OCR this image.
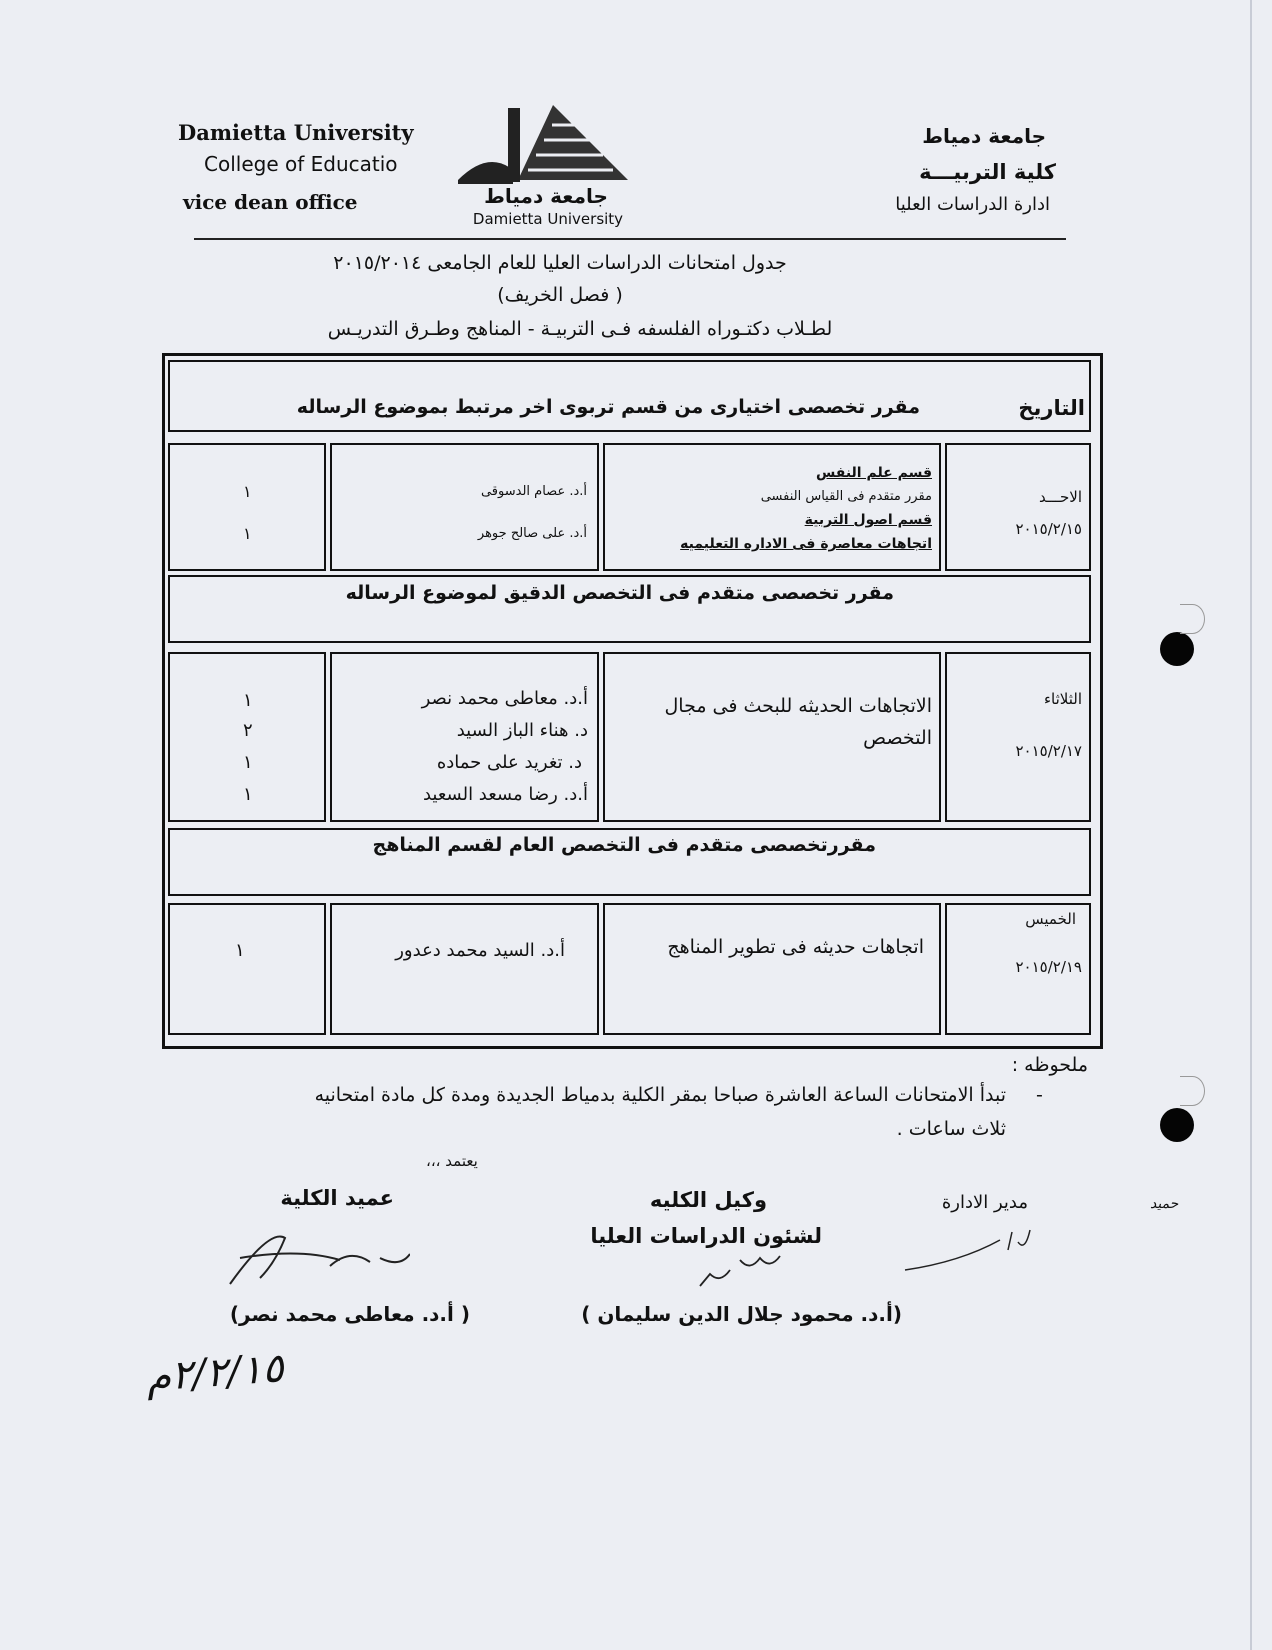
Damietta University
College of Educatio
vice dean office	جامعة دمياط
Damietta University
جامعة دمياط
كلية التربيـــة
ادارة الدراسات العليا
جدول امتحانات الدراسات العليا للعام الجامعى ٢٠١٥/٢٠١٤
( فصل الخريف)
لطـلاب دكتـوراه الفلسفه فـى التربيـة - المناهج وطـرق التدريـس
التاريخ
مقرر تخصصى اختيارى من قسم تربوى اخر مرتبط بموضوع الرساله
الاحـــد
٢٠١٥/٢/١٥
قسم علم النفس
مقرر متقدم فى القياس النفسى
قسم اصول التربية
اتجاهات معاصرة فى الاداره التعليميه
أ.د. عصام الدسوقى
أ.د. على صالح جوهر
١
١
مقرر تخصصى متقدم فى التخصص الدقيق لموضوع الرساله
الثلاثاء
٢٠١٥/٢/١٧
الاتجاهات الحديثه للبحث فى مجال التخصص
أ.د. معاطى محمد نصر
د. هناء الباز السيد
د. تغريد على حماده
أ.د. رضا مسعد السعيد
١
٢
١
١
مقررتخصصى متقدم فى التخصص العام لقسم المناهج
الخميس
٢٠١٥/٢/١٩
اتجاهات حديثه فى تطوير المناهج
أ.د. السيد محمد دعدور
١
ملحوظه :
-
تبدأ الامتحانات الساعة العاشرة صباحا بمقر الكلية بدمياط الجديدة ومدة كل مادة امتحانيه
ثلاث ساعات .
يعتمد ،،،
مدير الادارة
وكيل الكليه
لشئون الدراسات العليا
(أ.د. محمود جلال الدين سليمان )
عميد الكلية
( أ.د. معاطى محمد نصر)
٢/٢/١٥م
حميد
